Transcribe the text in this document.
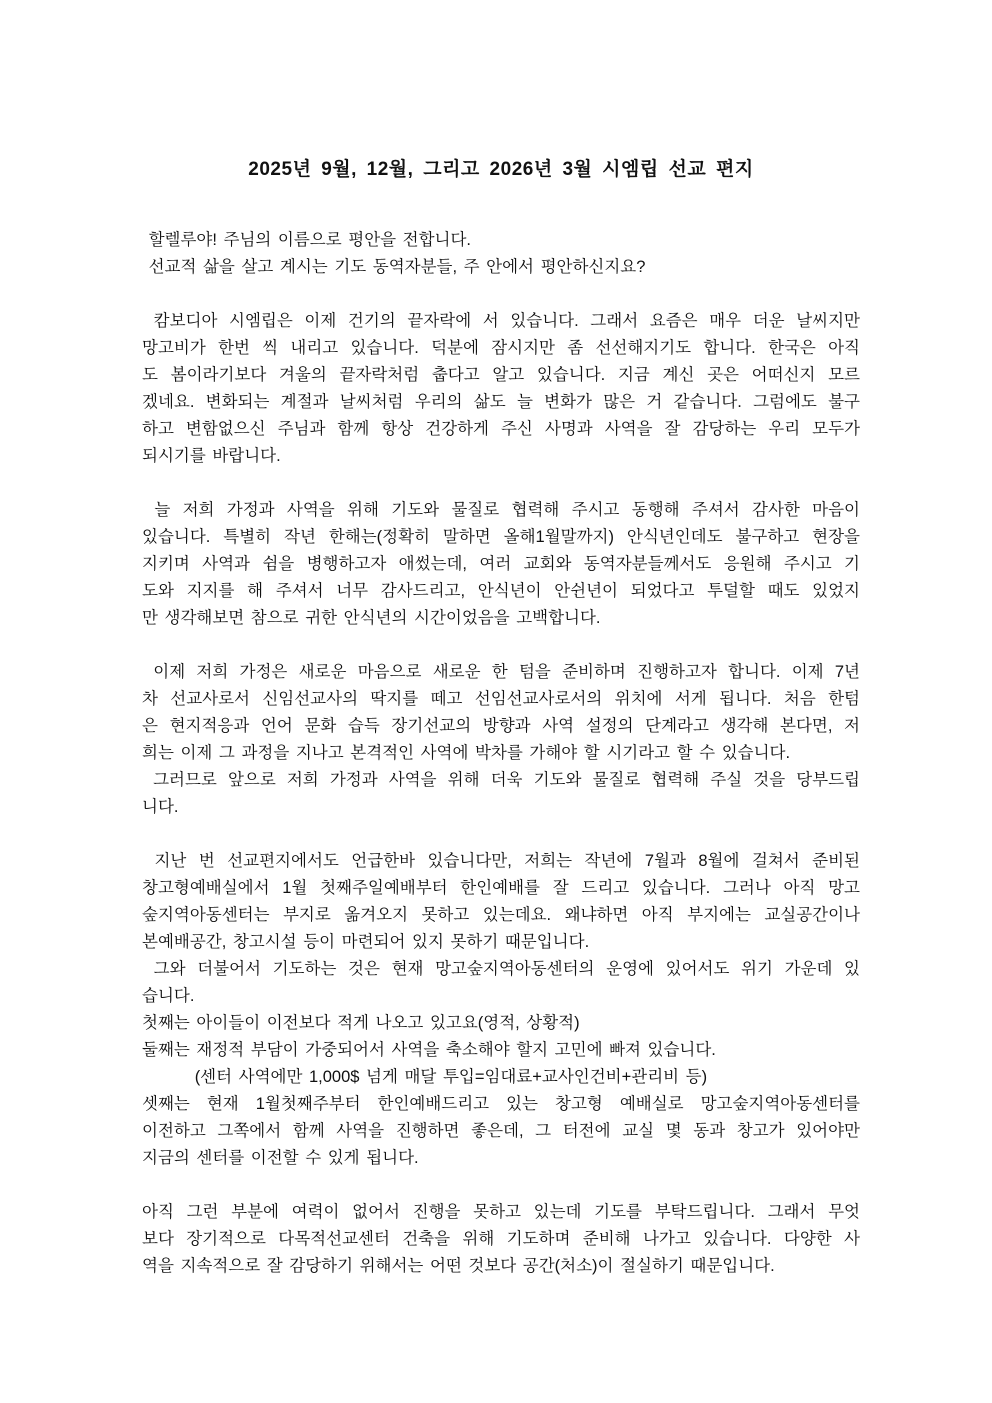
2025년 9월, 12월, 그리고 2026년 3월 시엠립 선교 편지
할렐루야! 주님의 이름으로 평안을 전합니다.
선교적 삶을 살고 계시는 기도 동역자분들, 주 안에서 평안하신지요?
캄보디아 시엠립은 이제 건기의 끝자락에 서 있습니다. 그래서 요즘은 매우 더운 날씨지만
망고비가 한번 씩 내리고 있습니다. 덕분에 잠시지만 좀 선선해지기도 합니다. 한국은 아직
도 봄이라기보다 겨울의 끝자락처럼 춥다고 알고 있습니다. 지금 계신 곳은 어떠신지 모르
겠네요. 변화되는 계절과 날씨처럼 우리의 삶도 늘 변화가 많은 거 같습니다. 그럼에도 불구
하고 변함없으신 주님과 함께 항상 건강하게 주신 사명과 사역을 잘 감당하는 우리 모두가
되시기를 바랍니다.
늘 저희 가정과 사역을 위해 기도와 물질로 협력해 주시고 동행해 주셔서 감사한 마음이
있습니다. 특별히 작년 한해는(정확히 말하면 올해1월말까지) 안식년인데도 불구하고 현장을
지키며 사역과 쉼을 병행하고자 애썼는데, 여러 교회와 동역자분들께서도 응원해 주시고 기
도와 지지를 해 주셔서 너무 감사드리고, 안식년이 안쉰년이 되었다고 투덜할 때도 있었지
만 생각해보면 참으로 귀한 안식년의 시간이었음을 고백합니다.
이제 저희 가정은 새로운 마음으로 새로운 한 텀을 준비하며 진행하고자 합니다. 이제 7년
차 선교사로서 신임선교사의 딱지를 떼고 선임선교사로서의 위치에 서게 됩니다. 처음 한텀
은 현지적응과 언어 문화 습득 장기선교의 방향과 사역 설정의 단계라고 생각해 본다면, 저
희는 이제 그 과정을 지나고 본격적인 사역에 박차를 가해야 할 시기라고 할 수 있습니다.
그러므로 앞으로 저희 가정과 사역을 위해 더욱 기도와 물질로 협력해 주실 것을 당부드립
니다.
지난 번 선교편지에서도 언급한바 있습니다만, 저희는 작년에 7월과 8월에 걸쳐서 준비된
창고형예배실에서 1월 첫째주일예배부터 한인예배를 잘 드리고 있습니다. 그러나 아직 망고
숲지역아동센터는 부지로 옮겨오지 못하고 있는데요. 왜냐하면 아직 부지에는 교실공간이나
본예배공간, 창고시설 등이 마련되어 있지 못하기 때문입니다.
그와 더불어서 기도하는 것은 현재 망고숲지역아동센터의 운영에 있어서도 위기 가운데 있
습니다.
첫째는 아이들이 이전보다 적게 나오고 있고요(영적, 상황적)
둘째는 재정적 부담이 가중되어서 사역을 축소해야 할지 고민에 빠져 있습니다.
(센터 사역에만 1,000$ 넘게 매달 투입=임대료+교사인건비+관리비 등)
셋째는 현재 1월첫째주부터 한인예배드리고 있는 창고형 예배실로 망고숲지역아동센터를
이전하고 그쪽에서 함께 사역을 진행하면 좋은데, 그 터전에 교실 몇 동과 창고가 있어야만
지금의 센터를 이전할 수 있게 됩니다.
아직 그런 부분에 여력이 없어서 진행을 못하고 있는데 기도를 부탁드립니다. 그래서 무엇
보다 장기적으로 다목적선교센터 건축을 위해 기도하며 준비해 나가고 있습니다. 다양한 사
역을 지속적으로 잘 감당하기 위해서는 어떤 것보다 공간(처소)이 절실하기 때문입니다.
